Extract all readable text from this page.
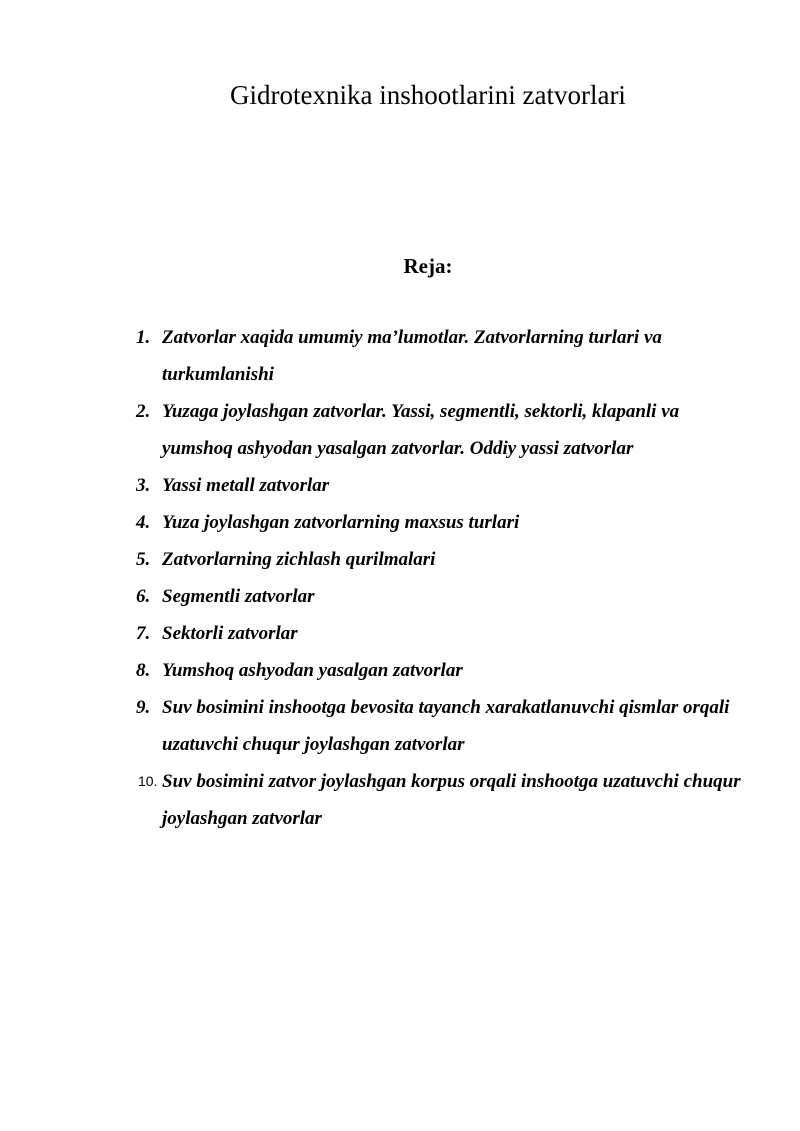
Gidrotexnika inshootlarini zatvorlari
Reja:
1. Zatvorlar xaqida umumiy ma’lumotlar. Zatvorlarning turlari va turkumlanishi
2. Yuzaga joylashgan zatvorlar. Yassi, segmentli, sektorli, klapanli va yumshoq ashyodan yasalgan zatvorlar. Oddiy yassi zatvorlar
3. Yassi metall zatvorlar
4. Yuza joylashgan zatvorlarning maxsus turlari
5. Zatvorlarning zichlash qurilmalari
6. Segmentli zatvorlar
7. Sektorli zatvorlar
8. Yumshoq ashyodan yasalgan zatvorlar
9. Suv bosimini inshootga bevosita tayanch xarakatlanuvchi qismlar orqali uzatuvchi chuqur joylashgan zatvorlar
10. Suv bosimini zatvor joylashgan korpus orqali inshootga uzatuvchi chuqur joylashgan zatvorlar
